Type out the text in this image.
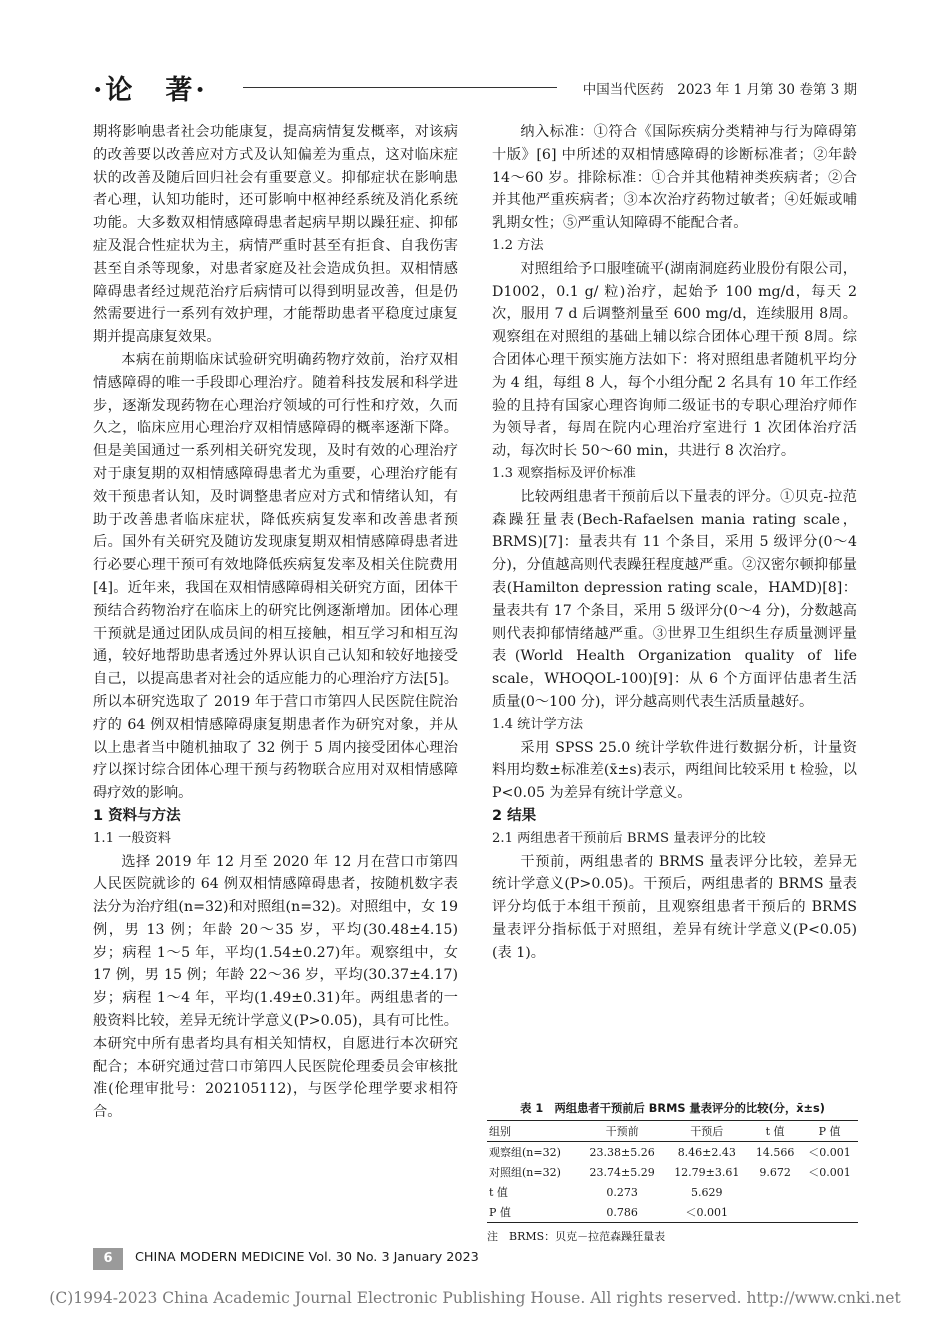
·论　著·	中国当代医药　2023 年 1 月第 30 卷第 3 期

期将影响患者社会功能康复，提高病情复发概率，对该病的改善要以改善应对方式及认知偏差为重点，这对临床症状的改善及随后回归社会有重要意义。抑郁症状在影响患者心理，认知功能时，还可影响中枢神经系统及消化系统功能。大多数双相情感障碍患者起病早期以躁狂症、抑郁症及混合性症状为主，病情严重时甚至有拒食、自我伤害甚至自杀等现象，对患者家庭及社会造成负担。双相情感障碍患者经过规范治疗后病情可以得到明显改善，但是仍然需要进行一系列有效护理，才能帮助患者平稳度过康复期并提高康复效果。

本病在前期临床试验研究明确药物疗效前，治疗双相情感障碍的唯一手段即心理治疗。随着科技发展和科学进步，逐渐发现药物在心理治疗领域的可行性和疗效，久而久之，临床应用心理治疗双相情感障碍的概率逐渐下降。但是美国通过一系列相关研究发现，及时有效的心理治疗对于康复期的双相情感障碍患者尤为重要，心理治疗能有效干预患者认知，及时调整患者应对方式和情绪认知，有助于改善患者临床症状，降低疾病复发率和改善患者预后。国外有关研究及随访发现康复期双相情感障碍患者进行必要心理干预可有效地降低疾病复发率及相关住院费用[4]。近年来，我国在双相情感障碍相关研究方面，团体干预结合药物治疗在临床上的研究比例逐渐增加。团体心理干预就是通过团队成员间的相互接触，相互学习和相互沟通，较好地帮助患者透过外界认识自己认知和较好地接受自己，以提高患者对社会的适应能力的心理治疗方法[5]。所以本研究选取了 2019 年于营口市第四人民医院住院治疗的 64 例双相情感障碍康复期患者作为研究对象，并从以上患者当中随机抽取了 32 例于 5 周内接受团体心理治疗以探讨综合团体心理干预与药物联合应用对双相情感障碍疗效的影响。

1 资料与方法
1.1 一般资料

选择 2019 年 12 月至 2020 年 12 月在营口市第四人民医院就诊的 64 例双相情感障碍患者，按随机数字表法分为治疗组(n=32)和对照组(n=32)。对照组中，女 19 例，男 13 例；年龄 20～35 岁，平均(30.48±4.15)岁；病程 1～5 年，平均(1.54±0.27)年。观察组中，女 17 例，男 15 例；年龄 22～36 岁，平均(30.37±4.17)岁；病程 1～4 年，平均(1.49±0.31)年。两组患者的一般资料比较，差异无统计学意义(P>0.05)，具有可比性。本研究中所有患者均具有相关知情权，自愿进行本次研究配合；本研究通过营口市第四人民医院伦理委员会审核批准(伦理审批号：202105112)，与医学伦理学要求相符合。

纳入标准：①符合《国际疾病分类精神与行为障碍第十版》[6] 中所述的双相情感障碍的诊断标准者；②年龄 14～60 岁。排除标准：①合并其他精神类疾病者；②合并其他严重疾病者；③本次治疗药物过敏者；④妊娠或哺乳期女性；⑤严重认知障碍不能配合者。

1.2 方法

对照组给予口服喹硫平(湖南洞庭药业股份有限公司，D1002，0.1 g/ 粒)治疗，起始予 100 mg/d，每天 2次，服用 7 d 后调整剂量至 600 mg/d，连续服用 8周。观察组在对照组的基础上辅以综合团体心理干预 8周。综合团体心理干预实施方法如下：将对照组患者随机平均分为 4 组，每组 8 人，每个小组分配 2 名具有 10 年工作经验的且持有国家心理咨询师二级证书的专职心理治疗师作为领导者，每周在院内心理治疗室进行 1 次团体治疗活动，每次时长 50～60 min，共进行 8 次治疗。

1.3 观察指标及评价标准

比较两组患者干预前后以下量表的评分。①贝克-拉范森躁狂量表(Bech-Rafaelsen mania rating scale，BRMS)[7]：量表共有 11 个条目，采用 5 级评分(0～4分)，分值越高则代表躁狂程度越严重。②汉密尔顿抑郁量表(Hamilton depression rating scale，HAMD)[8]：量表共有 17 个条目，采用 5 级评分(0～4 分)，分数越高则代表抑郁情绪越严重。③世界卫生组织生存质量测评量表(World Health Organization quality of life scale，WHOQOL-100)[9]：从 6 个方面评估患者生活质量(0～100 分)，评分越高则代表生活质量越好。

1.4 统计学方法

采用 SPSS 25.0 统计学软件进行数据分析，计量资料用均数±标准差(x̄±s)表示，两组间比较采用 t 检验，以 P<0.05 为差异有统计学意义。

2 结果
2.1 两组患者干预前后 BRMS 量表评分的比较

干预前，两组患者的 BRMS 量表评分比较，差异无统计学意义(P>0.05)。干预后，两组患者的 BRMS 量表评分均低于本组干预前，且观察组患者干预后的 BRMS 量表评分指标低于对照组，差异有统计学意义(P<0.05)(表 1)。

表 1　两组患者干预前后 BRMS 量表评分的比较(分，x̄±s)
组别	干预前	干预后	t 值	P 值
观察组(n=32)	23.38±5.26	8.46±2.43	14.566	＜0.001
对照组(n=32)	23.74±5.29	12.79±3.61	9.672	＜0.001
t 值	0.273	5.629		
P 值	0.786	＜0.001		
注　BRMS：贝克－拉范森躁狂量表
6	CHINA MODERN MEDICINE Vol. 30 No. 3 January 2023
(C)1994-2023 China Academic Journal Electronic Publishing House. All rights reserved. http://www.cnki.net
